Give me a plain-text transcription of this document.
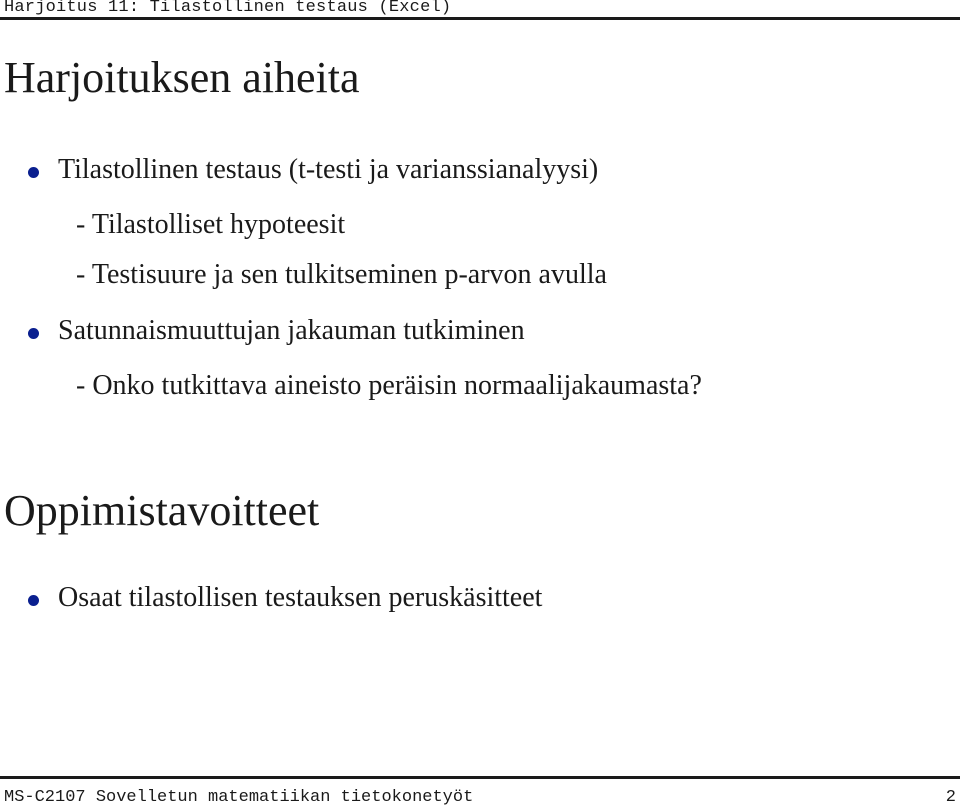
Harjoitus 11: Tilastollinen testaus (Excel)
Harjoituksen aiheita
Tilastollinen testaus (t-testi ja varianssianalyysi)
- Tilastolliset hypoteesit
- Testisuure ja sen tulkitseminen p-arvon avulla
Satunnaismuuttujan jakauman tutkiminen
- Onko tutkittava aineisto peräisin normaalijakaumasta?
Oppimistavoitteet
Osaat tilastollisen testauksen peruskäsitteet
MS-C2107 Sovelletun matematiikan tietokonetyöt	2
